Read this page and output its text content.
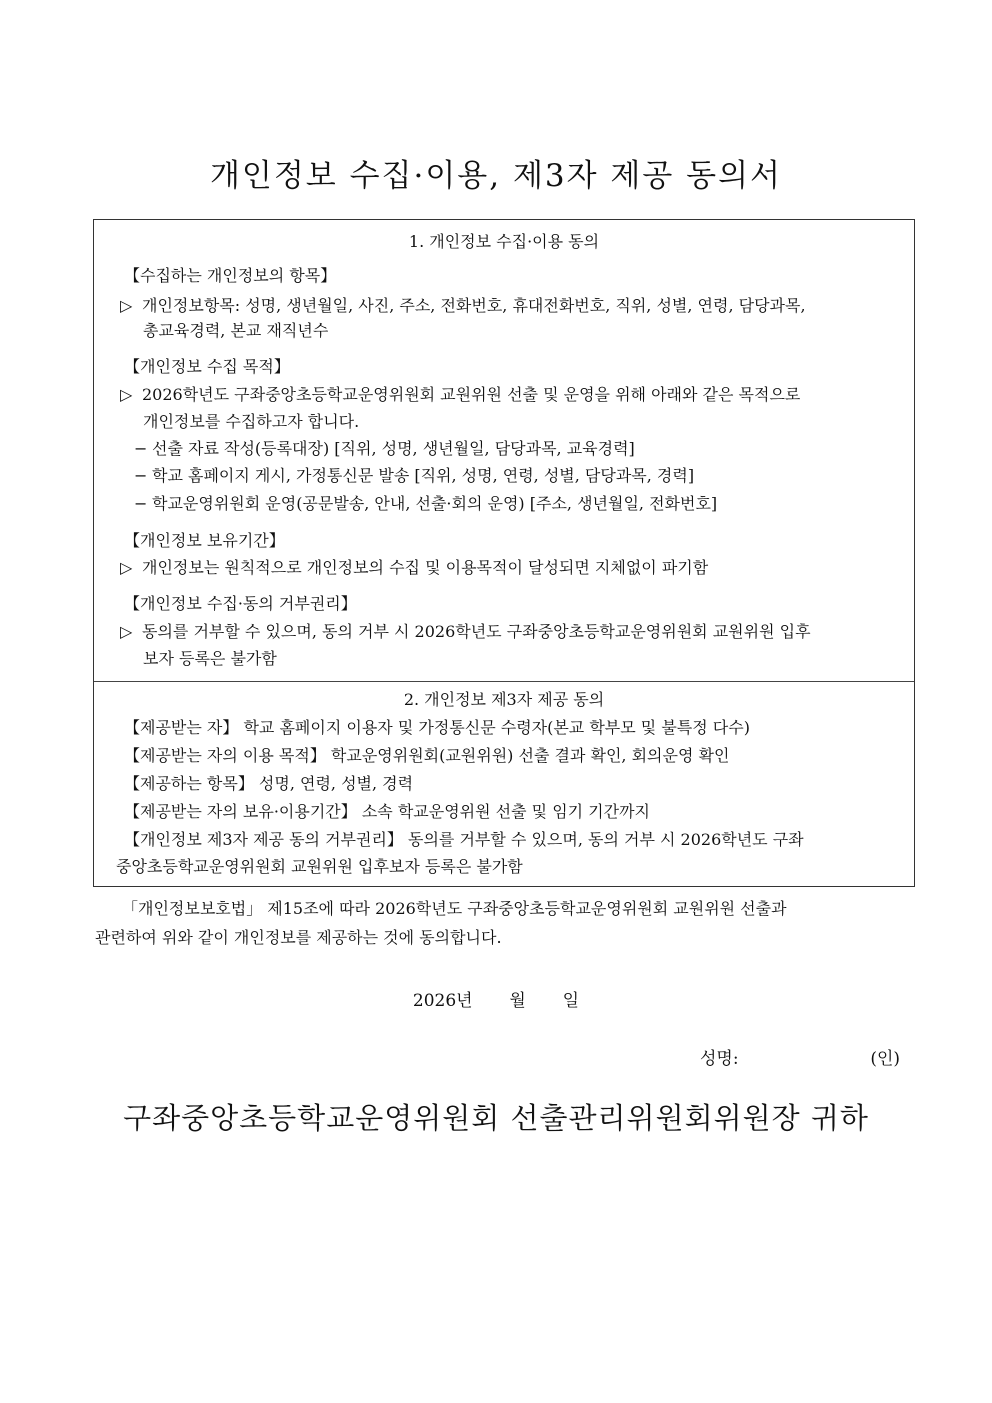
개인정보 수집·이용, 제3자 제공 동의서
1. 개인정보 수집·이용 동의
【수집하는 개인정보의 항목】
▷ 개인정보항목: 성명, 생년월일, 사진, 주소, 전화번호, 휴대전화번호, 직위, 성별, 연령, 담당과목,
총교육경력, 본교 재직년수
【개인정보 수집 목적】
▷ 2026학년도 구좌중앙초등학교운영위원회 교원위원 선출 및 운영을 위해 아래와 같은 목적으로
개인정보를 수집하고자 합니다.
− 선출 자료 작성(등록대장) [직위, 성명, 생년월일, 담당과목, 교육경력]
− 학교 홈페이지 게시, 가정통신문 발송 [직위, 성명, 연령, 성별, 담당과목, 경력]
− 학교운영위원회 운영(공문발송, 안내, 선출·회의 운영) [주소, 생년월일, 전화번호]
【개인정보 보유기간】
▷ 개인정보는 원칙적으로 개인정보의 수집 및 이용목적이 달성되면 지체없이 파기함
【개인정보 수집·동의 거부권리】
▷ 동의를 거부할 수 있으며, 동의 거부 시 2026학년도 구좌중앙초등학교운영위원회 교원위원 입후
보자 등록은 불가함
2. 개인정보 제3자 제공 동의
【제공받는 자】 학교 홈페이지 이용자 및 가정통신문 수령자(본교 학부모 및 불특정 다수)
【제공받는 자의 이용 목적】 학교운영위원회(교원위원) 선출 결과 확인, 회의운영 확인
【제공하는 항목】 성명, 연령, 성별, 경력
【제공받는 자의 보유·이용기간】 소속 학교운영위원 선출 및 임기 기간까지
【개인정보 제3자 제공 동의 거부권리】 동의를 거부할 수 있으며, 동의 거부 시 2026학년도 구좌
중앙초등학교운영위원회 교원위원 입후보자 등록은 불가함
「개인정보보호법」 제15조에 따라 2026학년도 구좌중앙초등학교운영위원회 교원위원 선출과
관련하여 위와 같이 개인정보를 제공하는 것에 동의합니다.
2026년 월 일
성명:	(인)
구좌중앙초등학교운영위원회 선출관리위원회위원장 귀하
